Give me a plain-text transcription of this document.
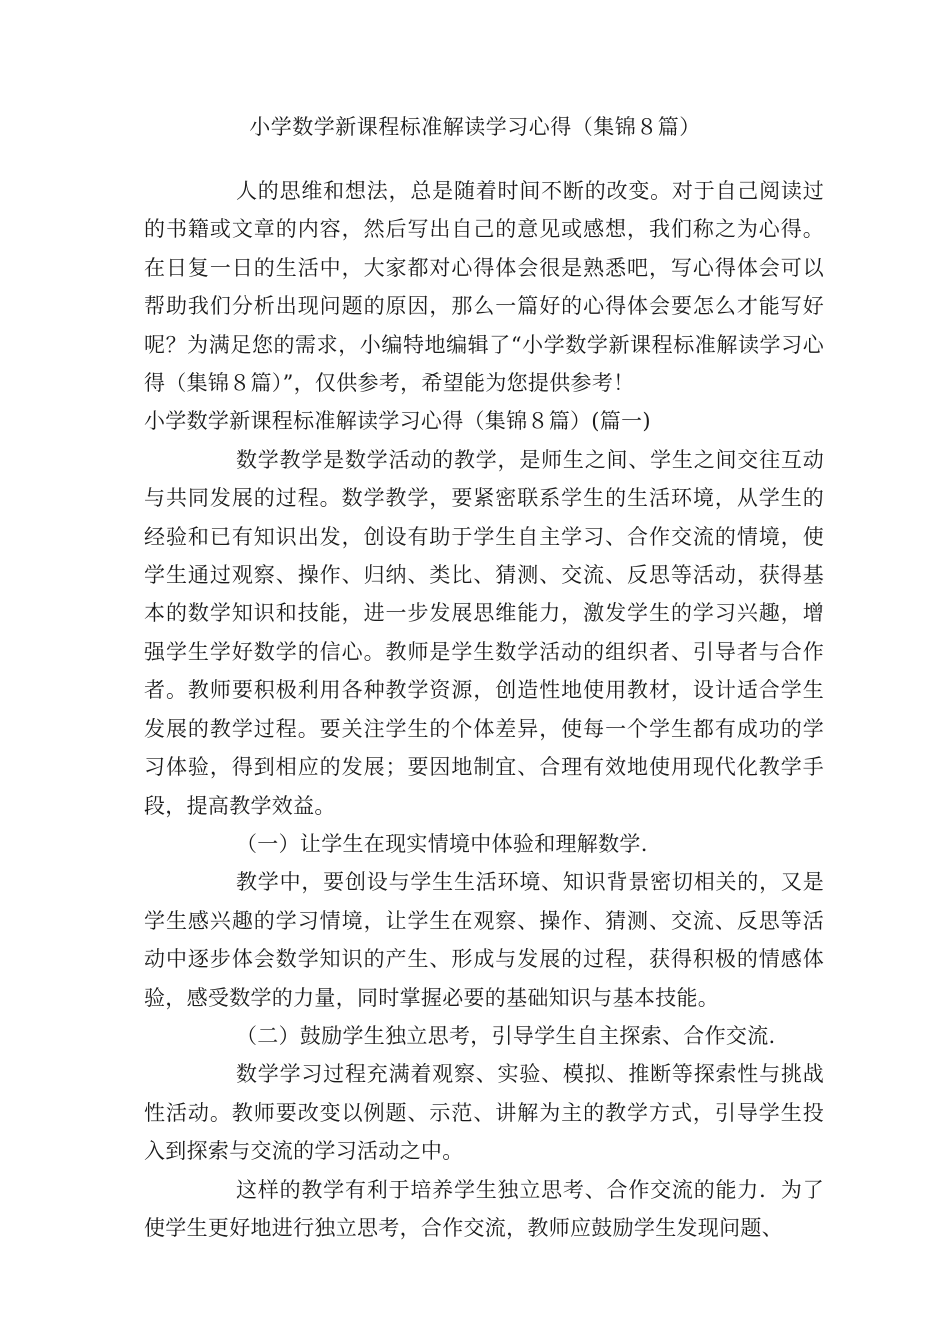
小学数学新课程标准解读学习心得（集锦８篇）

人的思维和想法，总是随着时间不断的改变。对于自己阅读过的书籍或文章的内容，然后写出自己的意见或感想，我们称之为心得。在日复一日的生活中，大家都对心得体会很是熟悉吧，写心得体会可以帮助我们分析出现问题的原因，那么一篇好的心得体会要怎么才能写好呢？为满足您的需求，小编特地编辑了“小学数学新课程标准解读学习心得（集锦８篇）”，仅供参考，希望能为您提供参考！

小学数学新课程标准解读学习心得（集锦８篇）(篇一)

数学教学是数学活动的教学，是师生之间、学生之间交往互动与共同发展的过程。数学教学，要紧密联系学生的生活环境，从学生的经验和已有知识出发，创设有助于学生自主学习、合作交流的情境，使学生通过观察、操作、归纳、类比、猜测、交流、反思等活动，获得基本的数学知识和技能，进一步发展思维能力，激发学生的学习兴趣，增强学生学好数学的信心。教师是学生数学活动的组织者、引导者与合作者。教师要积极利用各种教学资源，创造性地使用教材，设计适合学生发展的教学过程。要关注学生的个体差异，使每一个学生都有成功的学习体验，得到相应的发展；要因地制宜、合理有效地使用现代化教学手段，提高教学效益。

（一）让学生在现实情境中体验和理解数学.

教学中，要创设与学生生活环境、知识背景密切相关的，又是学生感兴趣的学习情境，让学生在观察、操作、猜测、交流、反思等活动中逐步体会数学知识的产生、形成与发展的过程，获得积极的情感体验，感受数学的力量，同时掌握必要的基础知识与基本技能。

（二）鼓励学生独立思考，引导学生自主探索、合作交流.

数学学习过程充满着观察、实验、模拟、推断等探索性与挑战性活动。教师要改变以例题、示范、讲解为主的教学方式，引导学生投入到探索与交流的学习活动之中。

这样的教学有利于培养学生独立思考、合作交流的能力．为了使学生更好地进行独立思考，合作交流，教师应鼓励学生发现问题、
